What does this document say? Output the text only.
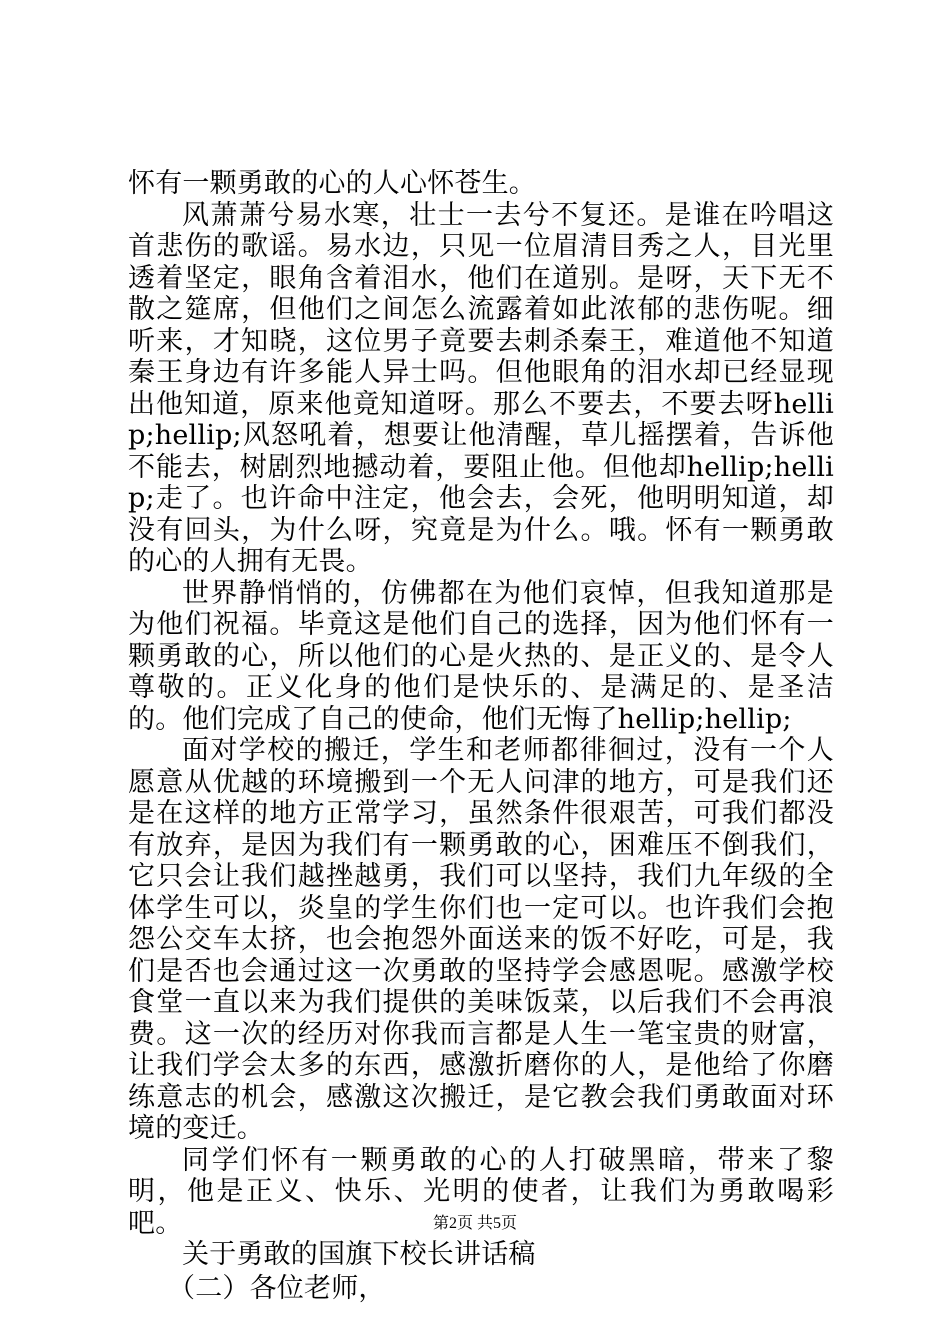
怀有一颗勇敢的心的人心怀苍生。

风萧萧兮易水寒，壮士一去兮不复还。是谁在吟唱这首悲伤的歌谣。易水边，只见一位眉清目秀之人，目光里透着坚定，眼角含着泪水，他们在道别。是呀，天下无不散之筵席，但他们之间怎么流露着如此浓郁的悲伤呢。细听来，才知晓，这位男子竟要去刺杀秦王，难道他不知道秦王身边有许多能人异士吗。但他眼角的泪水却已经显现出他知道，原来他竟知道呀。那么不要去，不要去呀hellip;hellip;风怒吼着，想要让他清醒，草儿摇摆着，告诉他不能去，树剧烈地撼动着，要阻止他。但他却hellip;hellip;走了。也许命中注定，他会去，会死，他明明知道，却没有回头，为什么呀，究竟是为什么。哦。怀有一颗勇敢的心的人拥有无畏。

世界静悄悄的，仿佛都在为他们哀悼，但我知道那是为他们祝福。毕竟这是他们自己的选择，因为他们怀有一颗勇敢的心，所以他们的心是火热的、是正义的、是令人尊敬的。正义化身的他们是快乐的、是满足的、是圣洁的。他们完成了自己的使命，他们无悔了hellip;hellip;

面对学校的搬迁，学生和老师都徘徊过，没有一个人愿意从优越的环境搬到一个无人问津的地方，可是我们还是在这样的地方正常学习，虽然条件很艰苦，可我们都没有放弃，是因为我们有一颗勇敢的心，困难压不倒我们，它只会让我们越挫越勇，我们可以坚持，我们九年级的全体学生可以，炎皇的学生你们也一定可以。也许我们会抱怨公交车太挤，也会抱怨外面送来的饭不好吃，可是，我们是否也会通过这一次勇敢的坚持学会感恩呢。感激学校食堂一直以来为我们提供的美味饭菜，以后我们不会再浪费。这一次的经历对你我而言都是人生一笔宝贵的财富，让我们学会太多的东西，感激折磨你的人，是他给了你磨练意志的机会，感激这次搬迁，是它教会我们勇敢面对环境的变迁。

同学们怀有一颗勇敢的心的人打破黑暗，带来了黎明，他是正义、快乐、光明的使者，让我们为勇敢喝彩吧。

关于勇敢的国旗下校长讲话稿

（二）各位老师，

第2页 共5页
